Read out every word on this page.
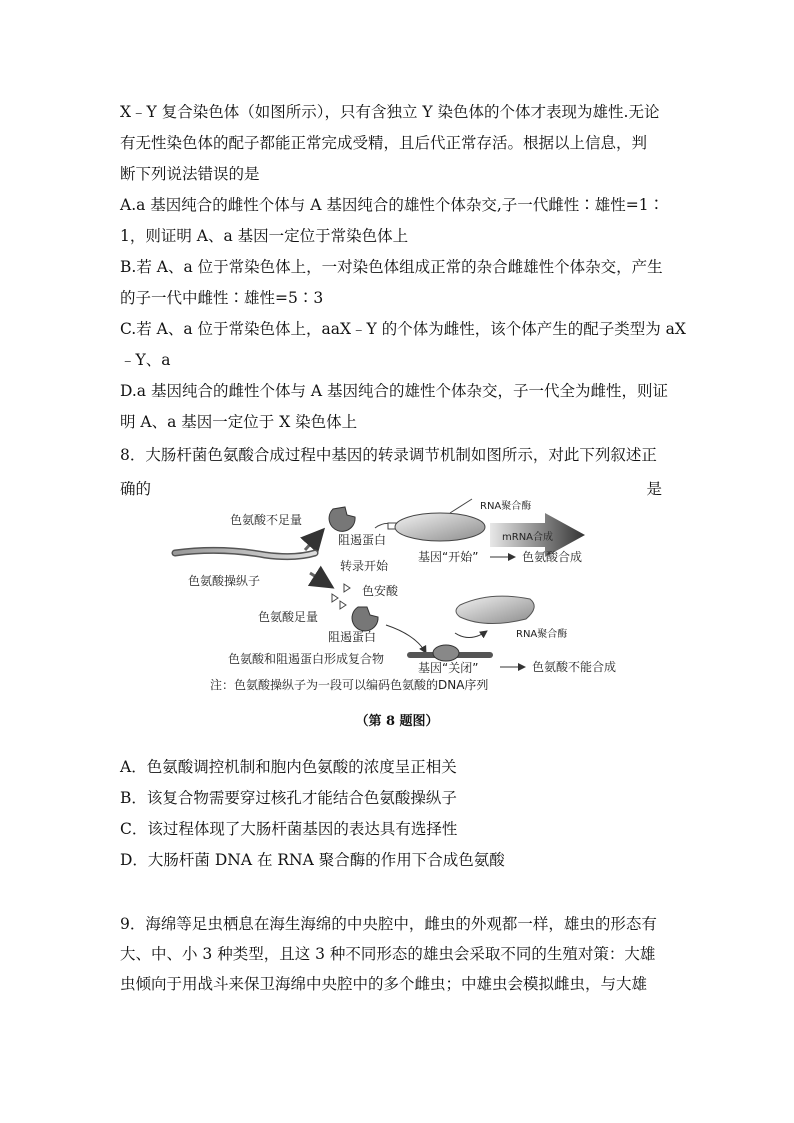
X﹣Y 复合染色体（如图所示），只有含独立 Y 染色体的个体才表现为雄性.无论
有无性染色体的配子都能正常完成受精，且后代正常存活。根据以上信息，判
断下列说法错误的是
A.a 基因纯合的雌性个体与 A 基因纯合的雄性个体杂交,子一代雌性∶雄性=1∶
1，则证明 A、a 基因一定位于常染色体上
B.若 A、a 位于常染色体上，一对染色体组成正常的杂合雌雄性个体杂交，产生
的子一代中雌性∶雄性=5∶3
C.若 A、a 位于常染色体上，aaX﹣Y 的个体为雌性，该个体产生的配子类型为 aX
﹣Y、a
D.a 基因纯合的雌性个体与 A 基因纯合的雄性个体杂交，子一代全为雌性，则证
明 A、a 基因一定位于 X 染色体上
8．大肠杆菌色氨酸合成过程中基因的转录调节机制如图所示，对此下列叙述正
确的	是
色氨酸不足量
阻遏蛋白
RNA聚合酶
mRNA合成
转录开始
基因“开始”	色氨酸合成
色氨酸操纵子
色安酸
色氨酸足量
阻遏蛋白	RNA聚合酶
色氨酸和阻遏蛋白形成复合物
基因“关闭”	色氨酸不能合成
注：色氨酸操纵子为一段可以编码色氨酸的DNA序列
（第 8 题图）
A．色氨酸调控机制和胞内色氨酸的浓度呈正相关
B．该复合物需要穿过核孔才能结合色氨酸操纵子
C．该过程体现了大肠杆菌基因的表达具有选择性
D．大肠杆菌 DNA 在 RNA 聚合酶的作用下合成色氨酸
9．海绵等足虫栖息在海生海绵的中央腔中，雌虫的外观都一样，雄虫的形态有
大、中、小 3 种类型，且这 3 种不同形态的雄虫会采取不同的生殖对策：大雄
虫倾向于用战斗来保卫海绵中央腔中的多个雌虫；中雄虫会模拟雌虫，与大雄
